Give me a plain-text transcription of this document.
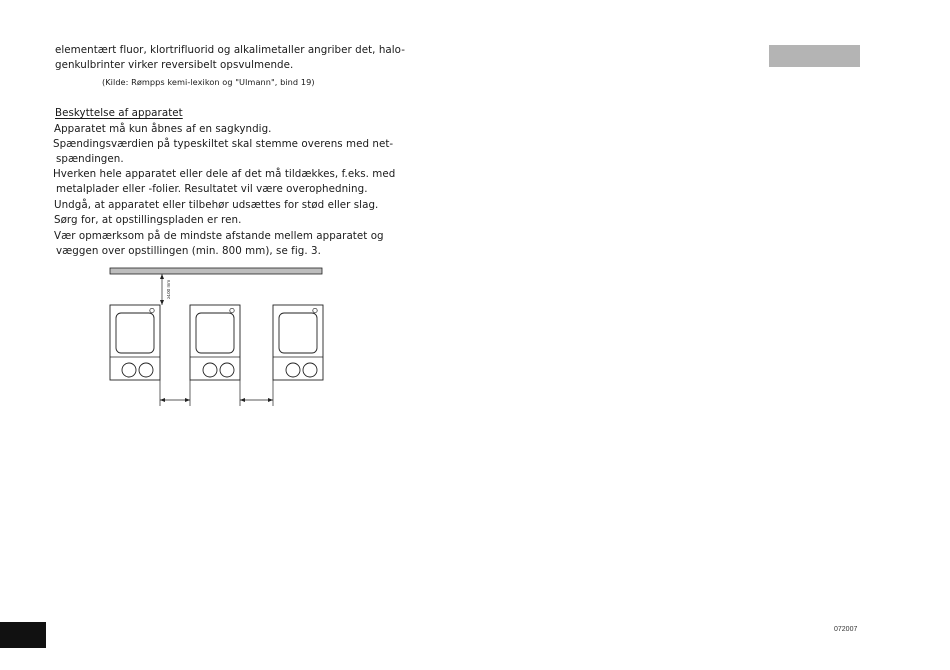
elementært fluor, klortrifluorid og alkalimetaller angriber det, halo-
genkulbrinter virker reversibelt opsvulmende.
(Kilde: Rømpps kemi-lexikon og "Ulmann", bind 19)
Beskyttelse af apparatet
Apparatet må kun åbnes af en sagkyndig.
Spændingsværdien på typeskiltet skal stemme overens med net-
spændingen.
Hverken hele apparatet eller dele af det må tildækkes, f.eks. med
metalplader eller -folier. Resultatet vil være overophedning.
Undgå, at apparatet eller tilbehør udsættes for stød eller slag.
Sørg for, at opstillingspladen er ren.
Vær opmærksom på de mindste afstande mellem apparatet og
væggen over opstillingen (min. 800 mm), se fig. 3.
≥100 mm
072007
